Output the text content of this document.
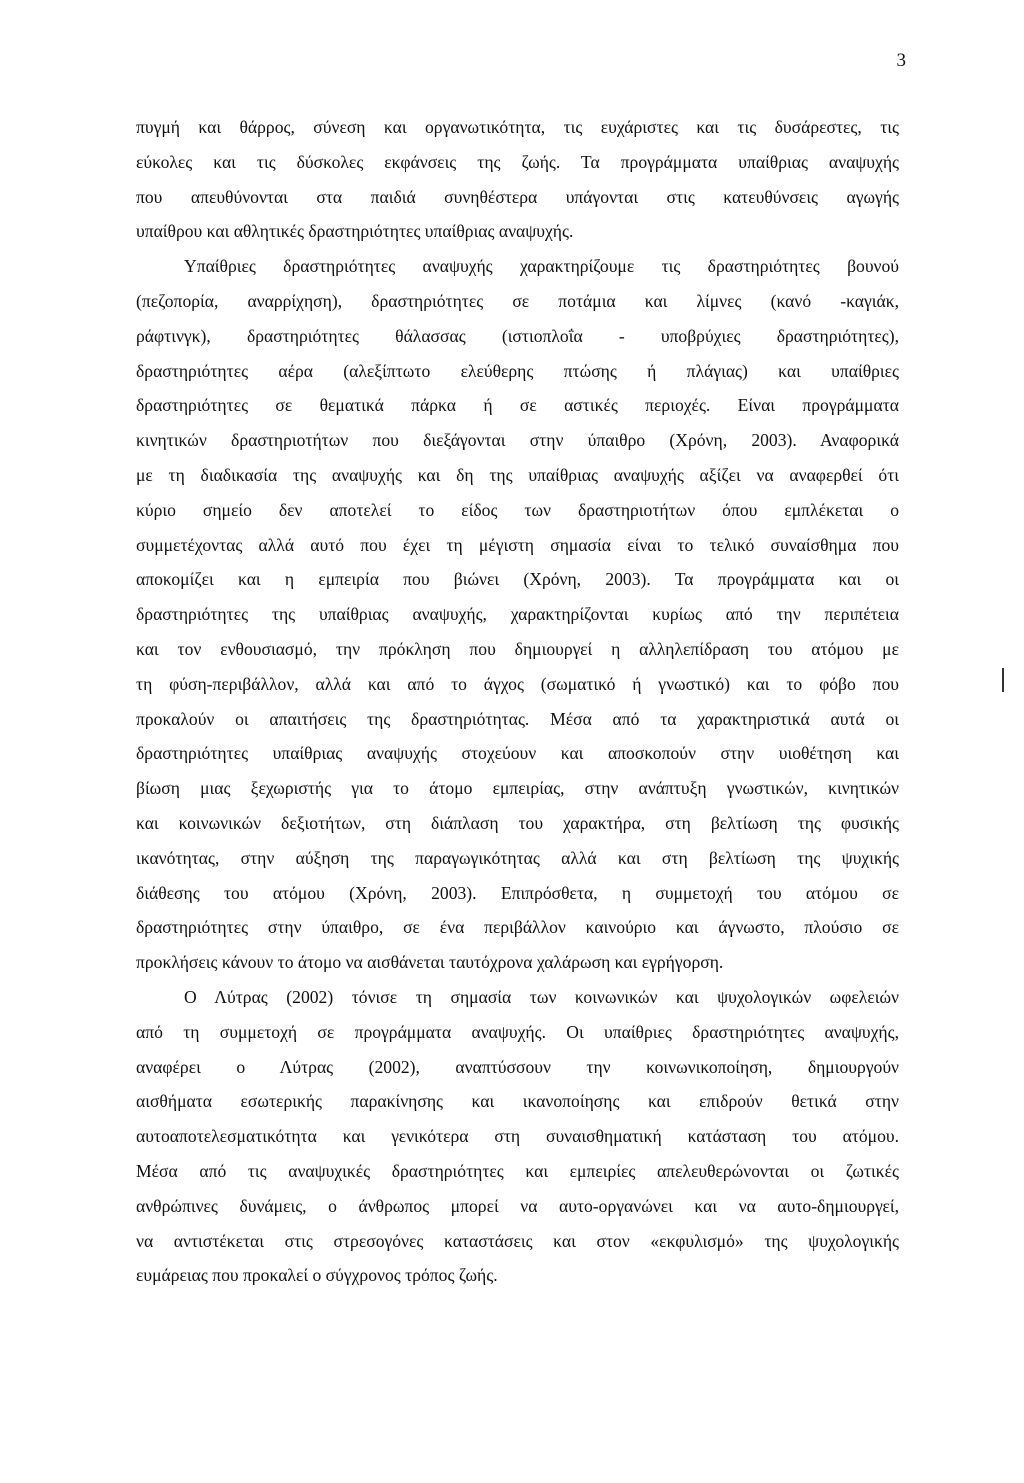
3
πυγμή και θάρρος, σύνεση και οργανωτικότητα, τις ευχάριστες και τις δυσάρεστες, τις
εύκολες και τις δύσκολες εκφάνσεις της ζωής. Τα προγράμματα υπαίθριας αναψυχής
που απευθύνονται στα παιδιά συνηθέστερα υπάγονται στις κατευθύνσεις αγωγής
υπαίθρου και αθλητικές δραστηριότητες υπαίθριας αναψυχής.
Υπαίθριες δραστηριότητες αναψυχής χαρακτηρίζουμε τις δραστηριότητες βουνού
(πεζοπορία, αναρρίχηση), δραστηριότητες σε ποτάμια και λίμνες (κανό -καγιάκ,
ράφτινγκ), δραστηριότητες θάλασσας (ιστιοπλοΐα - υποβρύχιες δραστηριότητες),
δραστηριότητες αέρα (αλεξίπτωτο ελεύθερης πτώσης ή πλάγιας) και υπαίθριες
δραστηριότητες σε θεματικά πάρκα ή σε αστικές περιοχές. Είναι προγράμματα
κινητικών δραστηριοτήτων που διεξάγονται στην ύπαιθρο (Χρόνη, 2003). Αναφορικά
με τη διαδικασία της αναψυχής και δη της υπαίθριας αναψυχής αξίζει να αναφερθεί ότι
κύριο σημείο δεν αποτελεί το είδος των δραστηριοτήτων όπου εμπλέκεται ο
συμμετέχοντας αλλά αυτό που έχει τη μέγιστη σημασία είναι το τελικό συναίσθημα που
αποκομίζει και η εμπειρία που βιώνει (Χρόνη, 2003). Τα προγράμματα και οι
δραστηριότητες της υπαίθριας αναψυχής, χαρακτηρίζονται κυρίως από την περιπέτεια
και τον ενθουσιασμό, την πρόκληση που δημιουργεί η αλληλεπίδραση του ατόμου με
τη φύση-περιβάλλον, αλλά και από το άγχος (σωματικό ή γνωστικό) και το φόβο που
προκαλούν οι απαιτήσεις της δραστηριότητας. Μέσα από τα χαρακτηριστικά αυτά οι
δραστηριότητες υπαίθριας αναψυχής στοχεύουν και αποσκοπούν στην υιοθέτηση και
βίωση μιας ξεχωριστής για το άτομο εμπειρίας, στην ανάπτυξη γνωστικών, κινητικών
και κοινωνικών δεξιοτήτων, στη διάπλαση του χαρακτήρα, στη βελτίωση της φυσικής
ικανότητας, στην αύξηση της παραγωγικότητας αλλά και στη βελτίωση της ψυχικής
διάθεσης του ατόμου (Χρόνη, 2003). Επιπρόσθετα, η συμμετοχή του ατόμου σε
δραστηριότητες στην ύπαιθρο, σε ένα περιβάλλον καινούριο και άγνωστο, πλούσιο σε
προκλήσεις κάνουν το άτομο να αισθάνεται ταυτόχρονα χαλάρωση και εγρήγορση.
Ο Λύτρας (2002) τόνισε τη σημασία των κοινωνικών και ψυχολογικών ωφελειών
από τη συμμετοχή σε προγράμματα αναψυχής. Οι υπαίθριες δραστηριότητες αναψυχής,
αναφέρει ο Λύτρας (2002), αναπτύσσουν την κοινωνικοποίηση, δημιουργούν
αισθήματα εσωτερικής παρακίνησης και ικανοποίησης και επιδρούν θετικά στην
αυτοαποτελεσματικότητα και γενικότερα στη συναισθηματική κατάσταση του ατόμου.
Μέσα από τις αναψυχικές δραστηριότητες και εμπειρίες απελευθερώνονται οι ζωτικές
ανθρώπινες δυνάμεις, ο άνθρωπος μπορεί να αυτο-οργανώνει και να αυτο-δημιουργεί,
να αντιστέκεται στις στρεσογόνες καταστάσεις και στον «εκφυλισμό» της ψυχολογικής
ευμάρειας που προκαλεί ο σύγχρονος τρόπος ζωής.
